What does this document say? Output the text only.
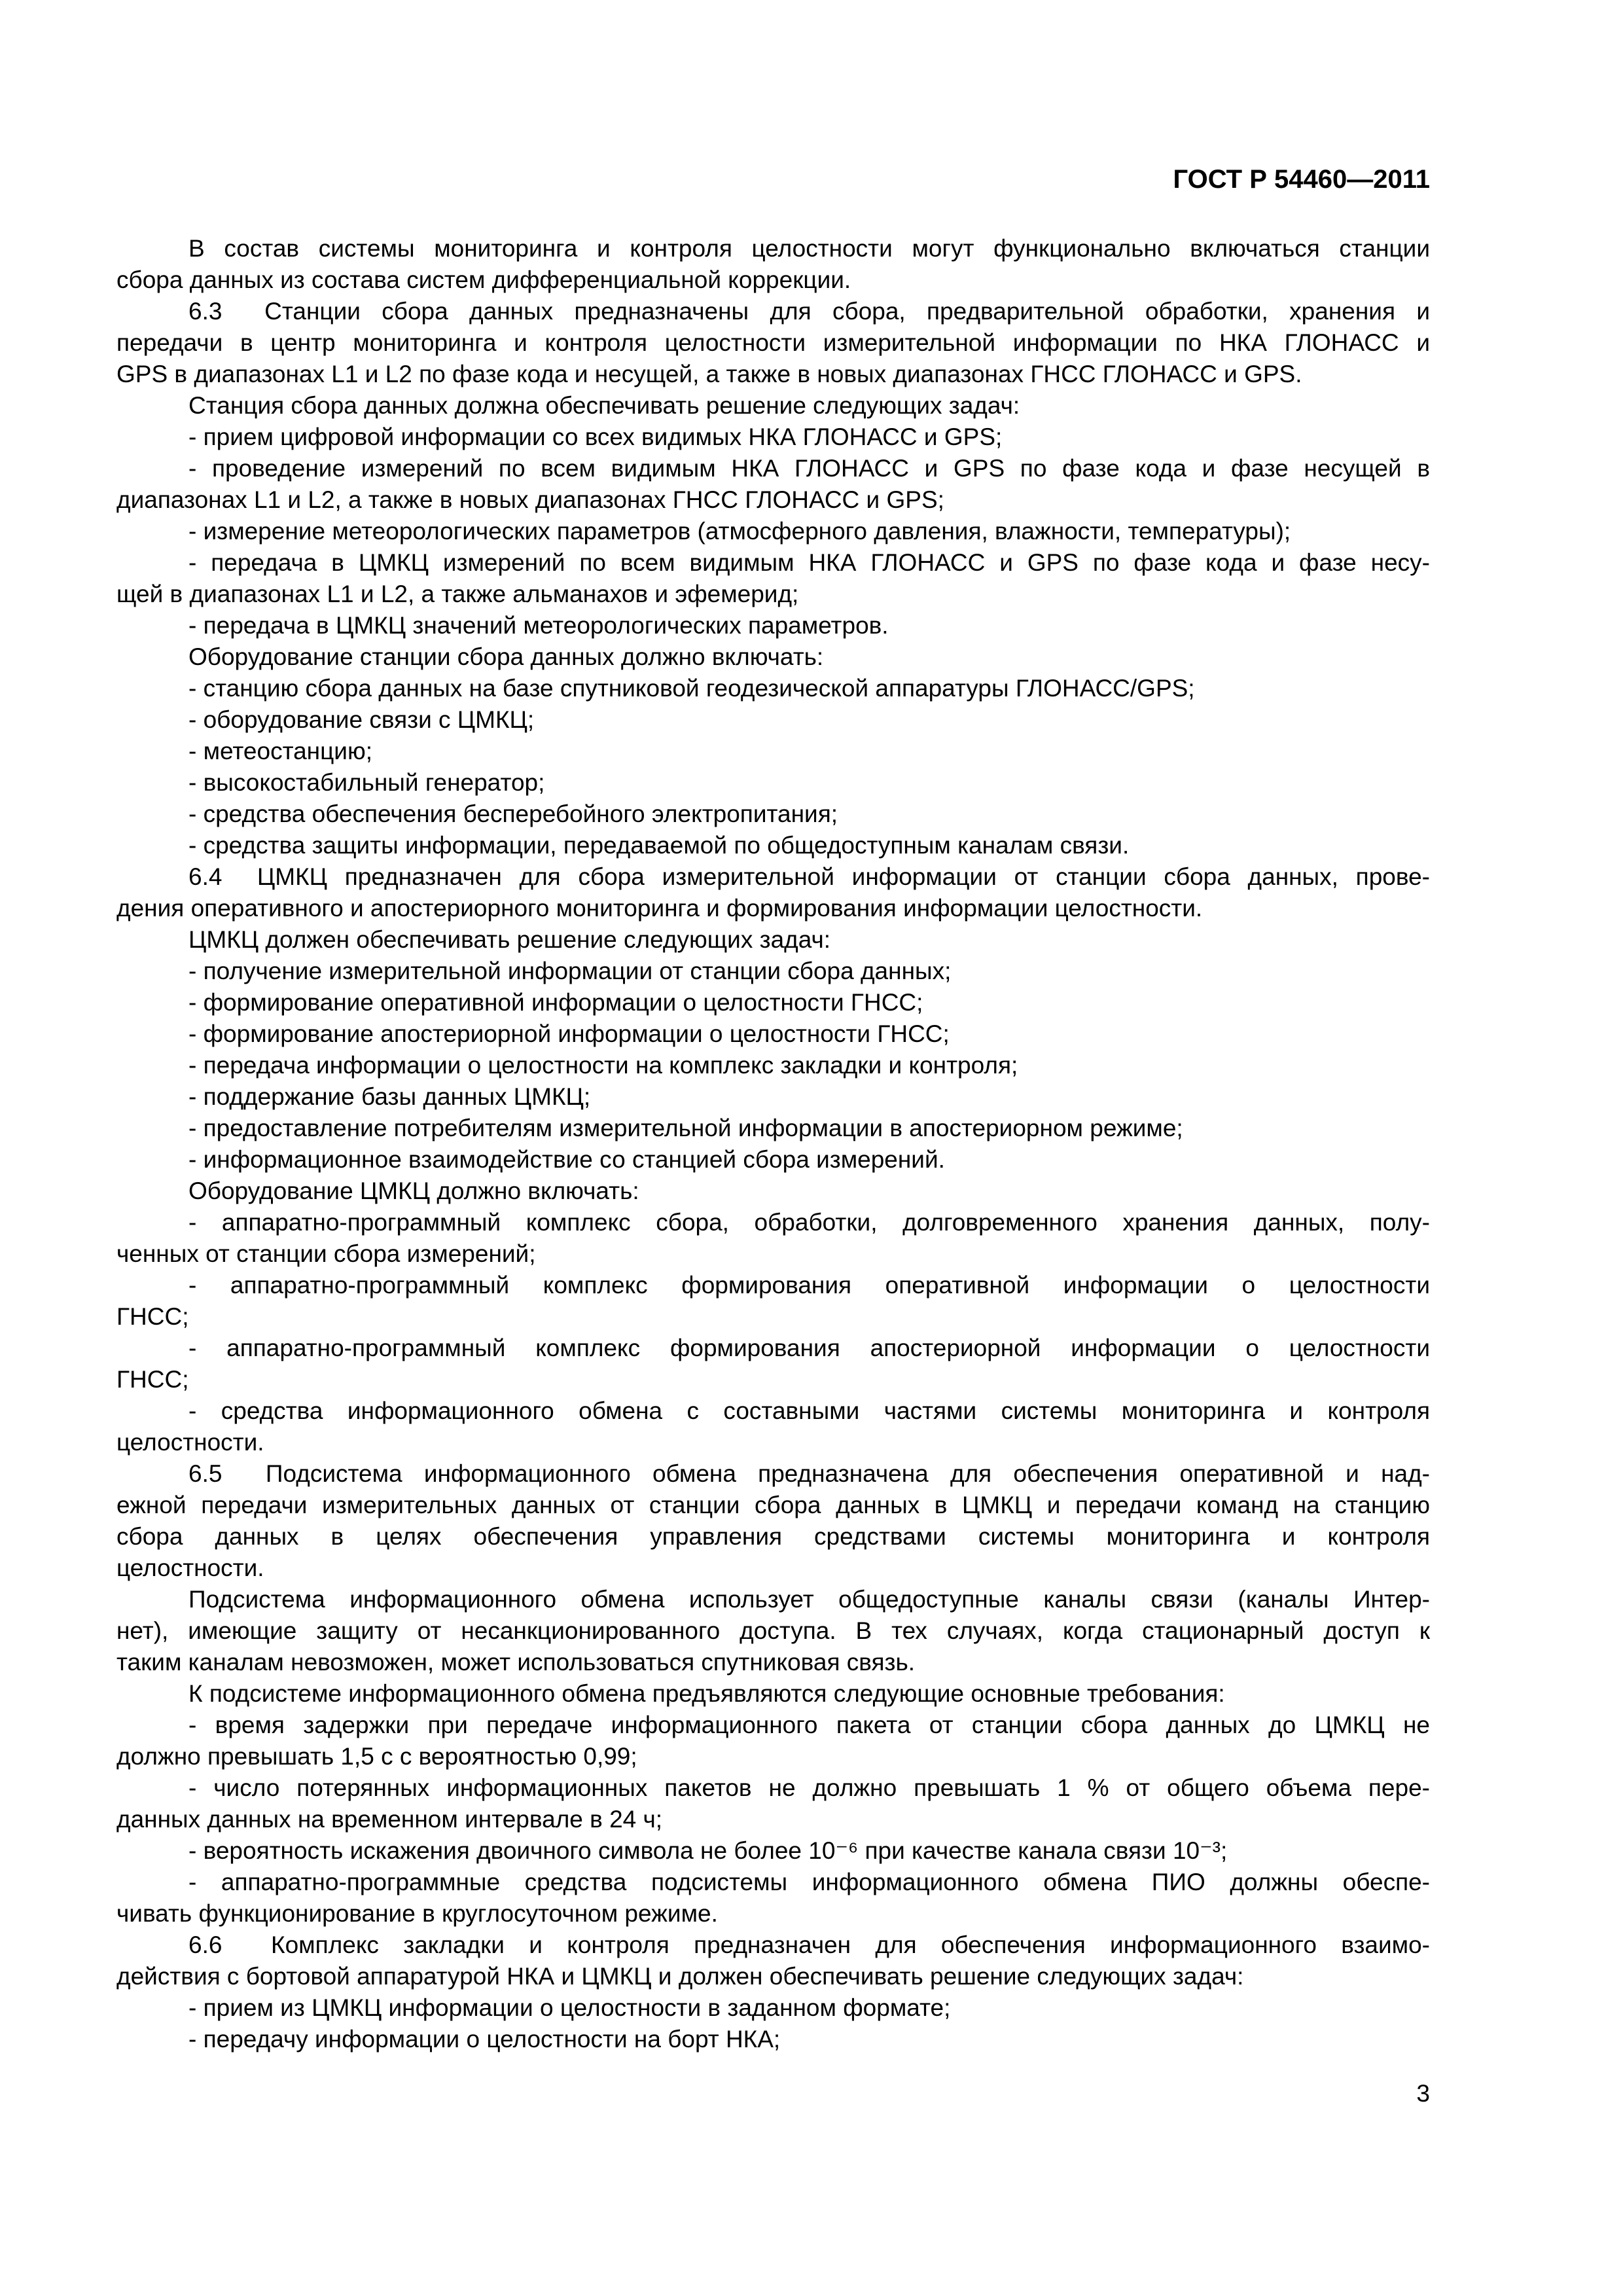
ГОСТ Р 54460—2011
В состав системы мониторинга и контроля целостности могут функционально включаться станции
сбора данных из состава систем дифференциальной коррекции.
6.3  Станции сбора данных предназначены для сбора, предварительной обработки, хранения и
передачи в центр мониторинга и контроля целостности измерительной информации по НКА ГЛОНАСС и
GPS в диапазонах L1 и L2 по фазе кода и несущей, а также в новых диапазонах ГНСС ГЛОНАСС и GPS.
Станция сбора данных должна обеспечивать решение следующих задач:
- прием цифровой информации со всех видимых НКА ГЛОНАСС и GPS;
- проведение измерений по всем видимым НКА ГЛОНАСС и GPS по фазе кода и фазе несущей в
диапазонах L1 и L2, а также в новых диапазонах ГНСС ГЛОНАСС и GPS;
- измерение метеорологических параметров (атмосферного давления, влажности, температуры);
- передача в ЦМКЦ измерений по всем видимым НКА ГЛОНАСС и GPS по фазе кода и фазе несу-
щей в диапазонах L1 и L2, а также альманахов и эфемерид;
- передача в ЦМКЦ значений метеорологических параметров.
Оборудование станции сбора данных должно включать:
- станцию сбора данных на базе спутниковой геодезической аппаратуры ГЛОНАСС/GPS;
- оборудование связи с ЦМКЦ;
- метеостанцию;
- высокостабильный генератор;
- средства обеспечения бесперебойного электропитания;
- средства защиты информации, передаваемой по общедоступным каналам связи.
6.4  ЦМКЦ предназначен для сбора измерительной информации от станции сбора данных, прове-
дения оперативного и апостериорного мониторинга и формирования информации целостности.
ЦМКЦ должен обеспечивать решение следующих задач:
- получение измерительной информации от станции сбора данных;
- формирование оперативной информации о целостности ГНСС;
- формирование апостериорной информации о целостности ГНСС;
- передача информации о целостности на комплекс закладки и контроля;
- поддержание базы данных ЦМКЦ;
- предоставление потребителям измерительной информации в апостериорном режиме;
- информационное взаимодействие со станцией сбора измерений.
Оборудование ЦМКЦ должно включать:
- аппаратно-программный комплекс сбора, обработки, долговременного хранения данных, полу-
ченных от станции сбора измерений;
- аппаратно-программный комплекс формирования оперативной информации о целостности
ГНСС;
- аппаратно-программный комплекс формирования апостериорной информации о целостности
ГНСС;
- средства информационного обмена с составными частями системы мониторинга и контроля
целостности.
6.5  Подсистема информационного обмена предназначена для обеспечения оперативной и над-
ежной передачи измерительных данных от станции сбора данных в ЦМКЦ и передачи команд на станцию
сбора данных в целях обеспечения управления средствами системы мониторинга и контроля
целостности.
Подсистема информационного обмена использует общедоступные каналы связи (каналы Интер-
нет), имеющие защиту от несанкционированного доступа. В тех случаях, когда стационарный доступ к
таким каналам невозможен, может использоваться спутниковая связь.
К подсистеме информационного обмена предъявляются следующие основные требования:
- время задержки при передаче информационного пакета от станции сбора данных до ЦМКЦ не
должно превышать 1,5 с с вероятностью 0,99;
- число потерянных информационных пакетов не должно превышать 1 % от общего объема пере-
данных данных на временном интервале в 24 ч;
- вероятность искажения двоичного символа не более 10⁻⁶ при качестве канала связи 10⁻³;
- аппаратно-программные средства подсистемы информационного обмена ПИО должны обеспе-
чивать функционирование в круглосуточном режиме.
6.6  Комплекс закладки и контроля предназначен для обеспечения информационного взаимо-
действия с бортовой аппаратурой НКА и ЦМКЦ и должен обеспечивать решение следующих задач:
- прием из ЦМКЦ информации о целостности в заданном формате;
- передачу информации о целостности на борт НКА;
3
